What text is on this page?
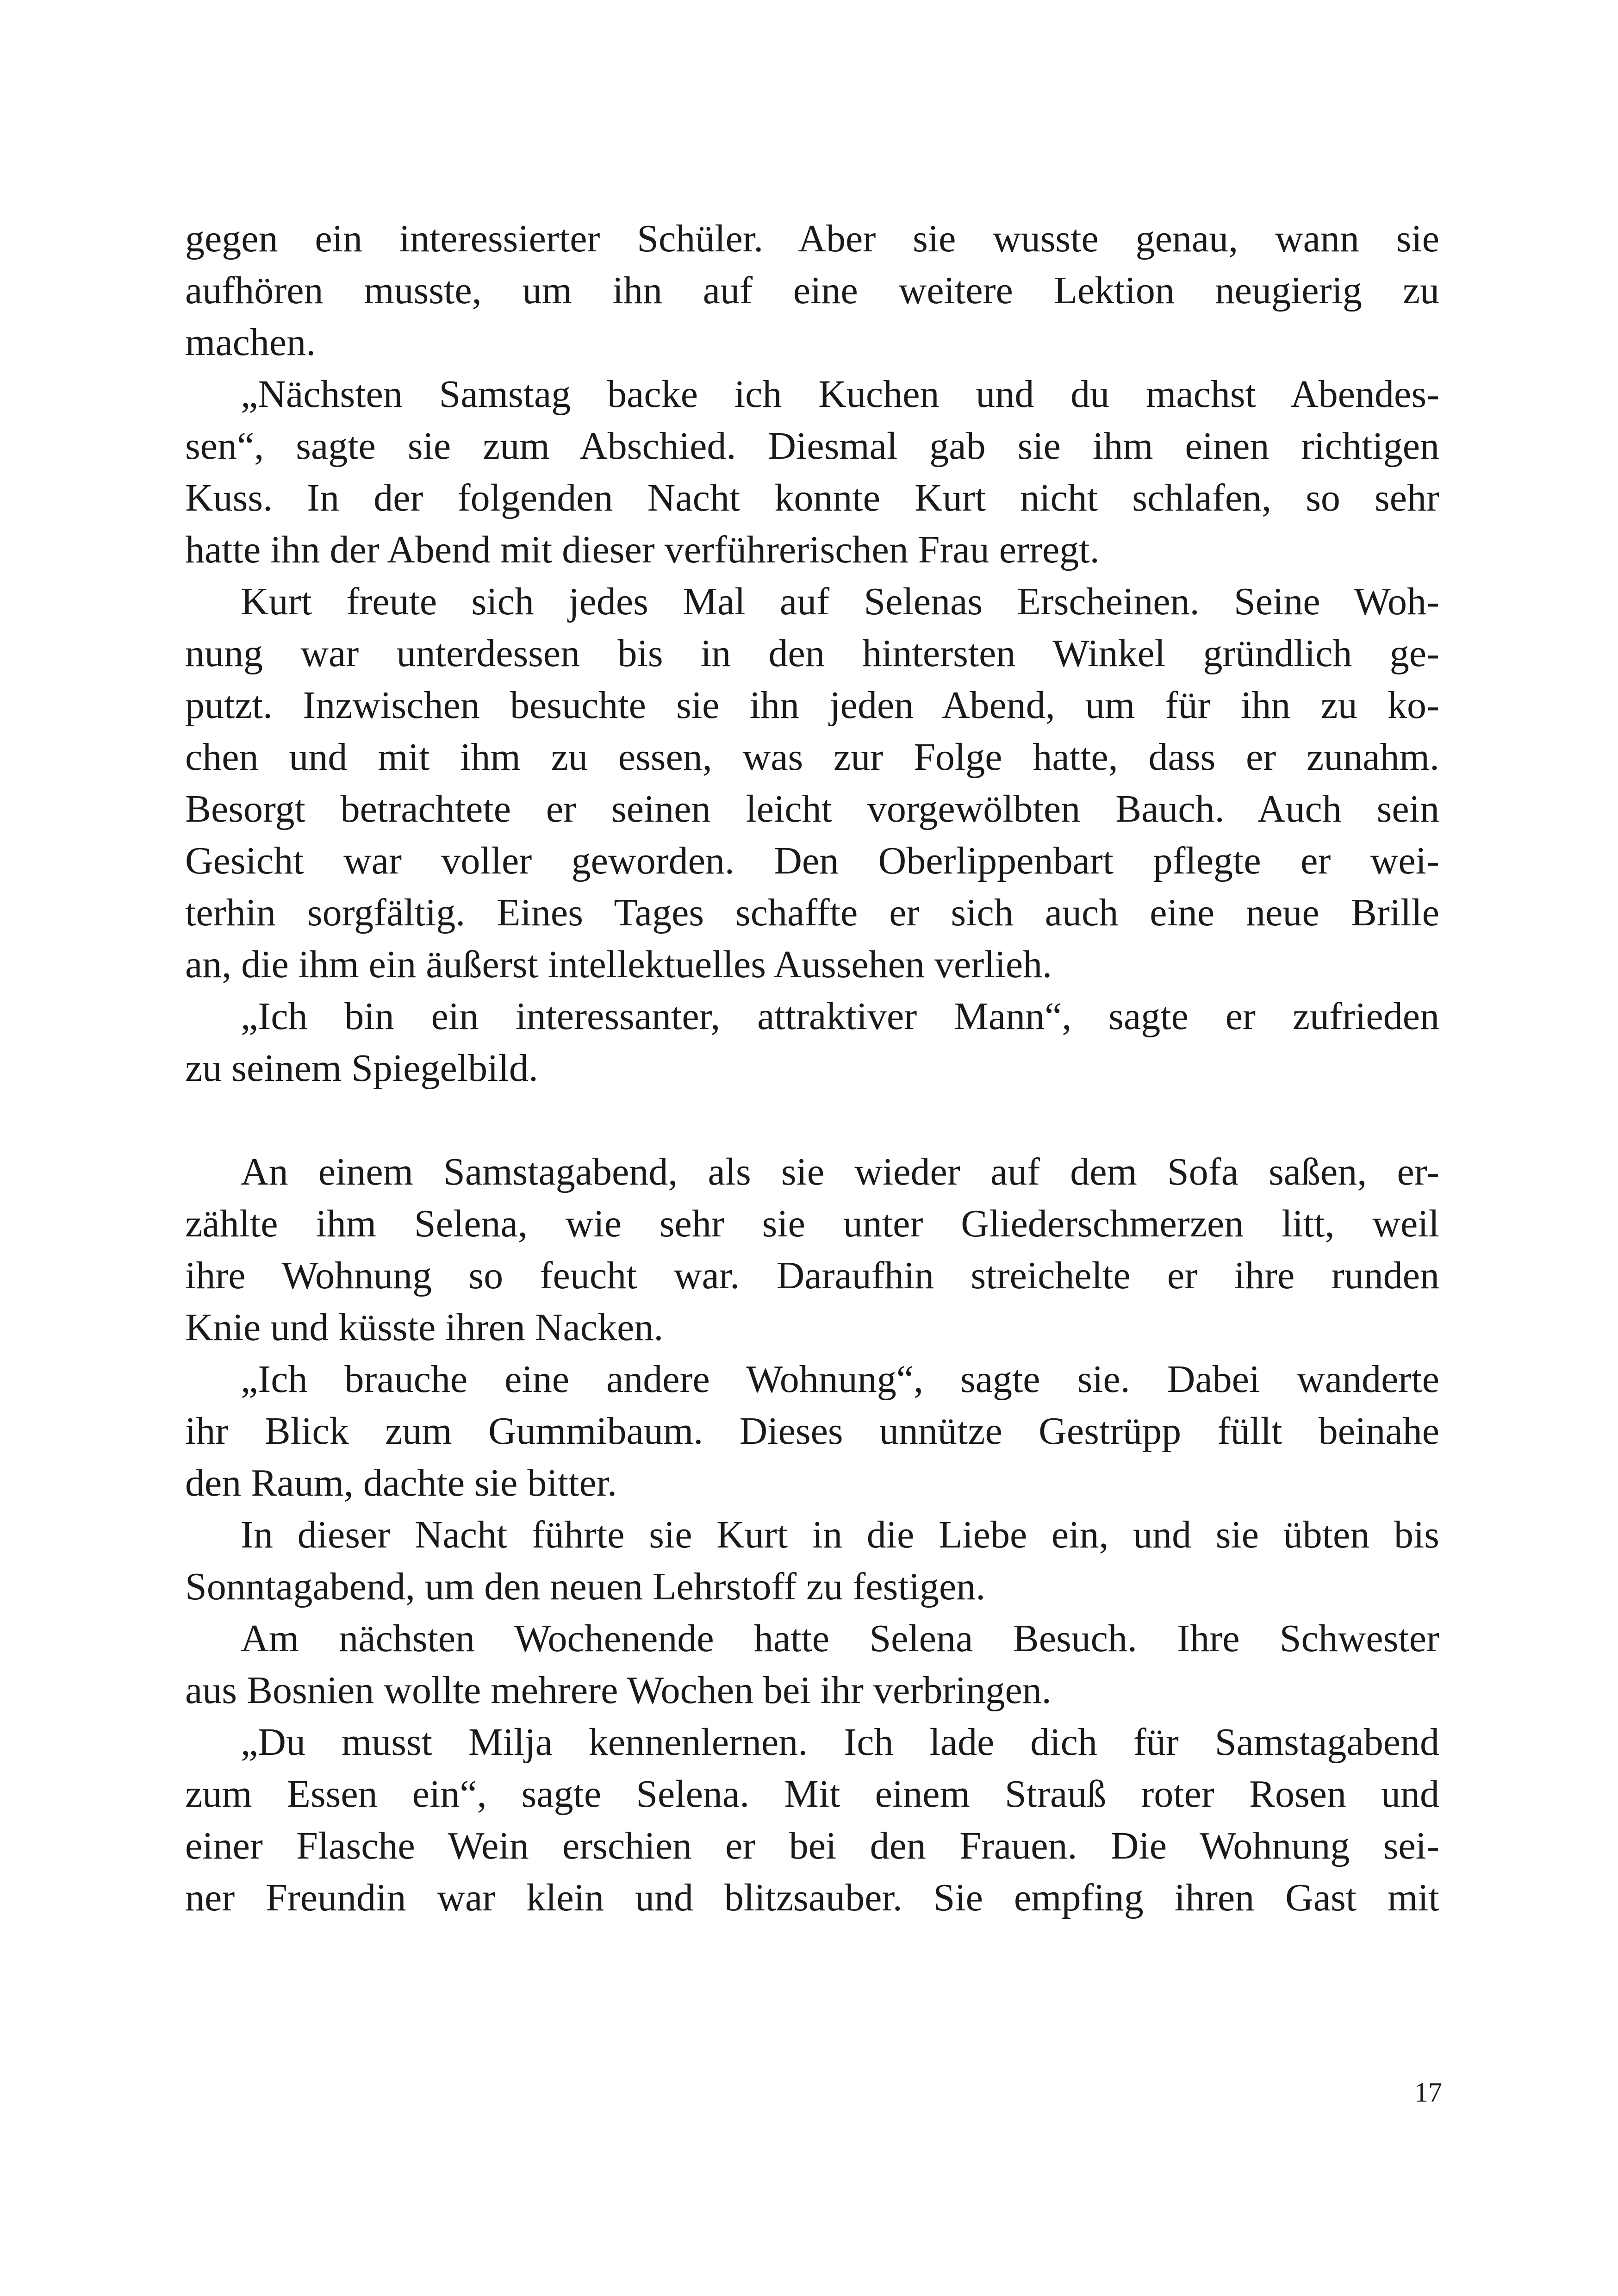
gegen ein interessierter Schüler. Aber sie wusste genau, wann sie
aufhören musste, um ihn auf eine weitere Lektion neugierig zu
machen.
„Nächsten Samstag backe ich Kuchen und du machst Abendes-
sen“, sagte sie zum Abschied. Diesmal gab sie ihm einen richtigen
Kuss. In der folgenden Nacht konnte Kurt nicht schlafen, so sehr
hatte ihn der Abend mit dieser verführerischen Frau erregt.
Kurt freute sich jedes Mal auf Selenas Erscheinen. Seine Woh-
nung war unterdessen bis in den hintersten Winkel gründlich ge-
putzt. Inzwischen besuchte sie ihn jeden Abend, um für ihn zu ko-
chen und mit ihm zu essen, was zur Folge hatte, dass er zunahm.
Besorgt betrachtete er seinen leicht vorgewölbten Bauch. Auch sein
Gesicht war voller geworden. Den Oberlippenbart pflegte er wei-
terhin sorgfältig. Eines Tages schaffte er sich auch eine neue Brille
an, die ihm ein äußerst intellektuelles Aussehen verlieh.
„Ich bin ein interessanter, attraktiver Mann“, sagte er zufrieden
zu seinem Spiegelbild.
An einem Samstagabend, als sie wieder auf dem Sofa saßen, er-
zählte ihm Selena, wie sehr sie unter Gliederschmerzen litt, weil
ihre Wohnung so feucht war. Daraufhin streichelte er ihre runden
Knie und küsste ihren Nacken.
„Ich brauche eine andere Wohnung“, sagte sie. Dabei wanderte
ihr Blick zum Gummibaum. Dieses unnütze Gestrüpp füllt beinahe
den Raum, dachte sie bitter.
In dieser Nacht führte sie Kurt in die Liebe ein, und sie übten bis
Sonntagabend, um den neuen Lehrstoff zu festigen.
Am nächsten Wochenende hatte Selena Besuch. Ihre Schwester
aus Bosnien wollte mehrere Wochen bei ihr verbringen.
„Du musst Milja kennenlernen. Ich lade dich für Samstagabend
zum Essen ein“, sagte Selena. Mit einem Strauß roter Rosen und
einer Flasche Wein erschien er bei den Frauen. Die Wohnung sei-
ner Freundin war klein und blitzsauber. Sie empfing ihren Gast mit
17
